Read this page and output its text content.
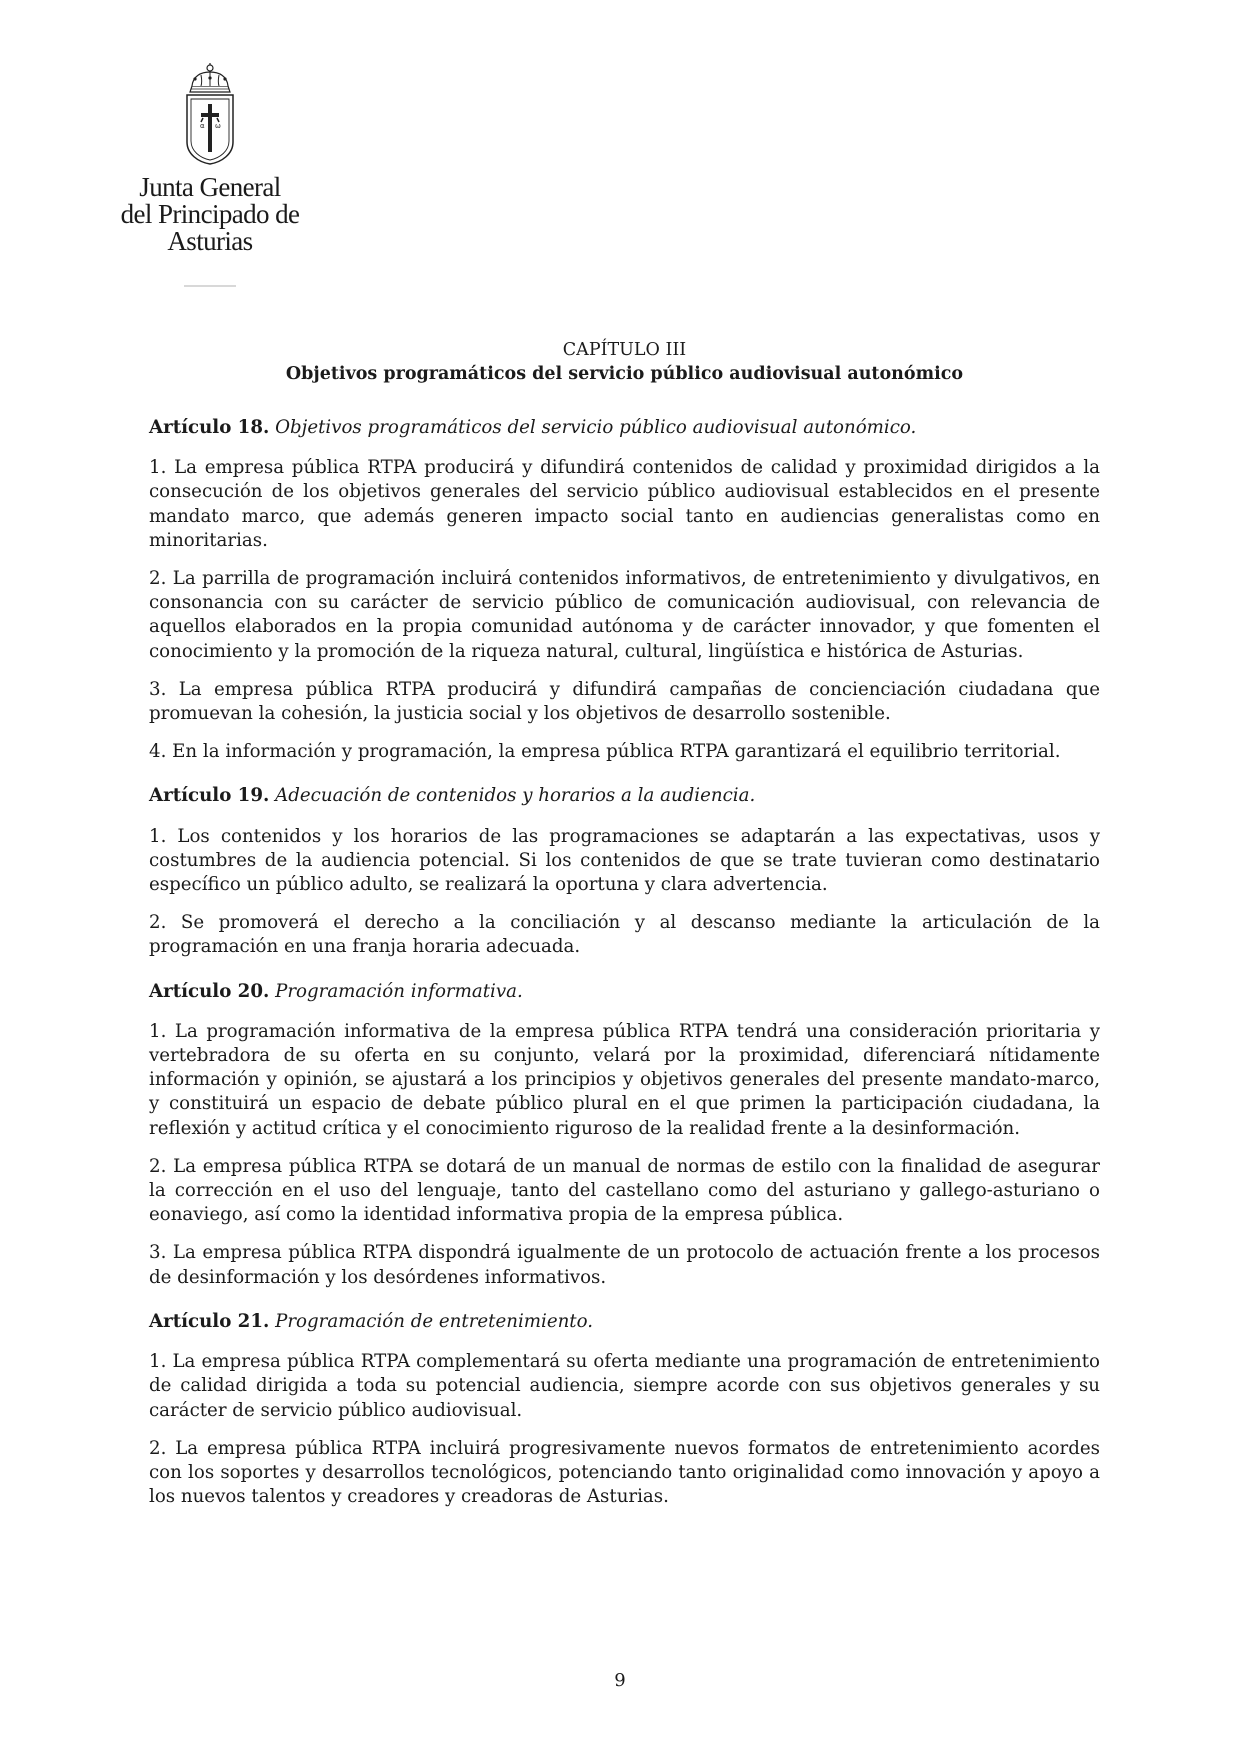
α ω
Junta General
del Principado de Asturias
CAPÍTULO III
Objetivos programáticos del servicio público audiovisual autonómico
Artículo 18. Objetivos programáticos del servicio público audiovisual autonómico.

1. La empresa pública RTPA producirá y difundirá contenidos de calidad y proximidad dirigidos a la consecución de los objetivos generales del servicio público audiovisual establecidos en el presente mandato marco, que además generen impacto social tanto en audiencias generalistas como en minoritarias.

2. La parrilla de programación incluirá contenidos informativos, de entretenimiento y divulgativos, en consonancia con su carácter de servicio público de comunicación audiovisual, con relevancia de aquellos elaborados en la propia comunidad autónoma y de carácter innovador, y que fomenten el conocimiento y la promoción de la riqueza natural, cultural, lingüística e histórica de Asturias.

3. La empresa pública RTPA producirá y difundirá campañas de concienciación ciudadana que promuevan la cohesión, la justicia social y los objetivos de desarrollo sostenible.

4. En la información y programación, la empresa pública RTPA garantizará el equilibrio territorial.

Artículo 19. Adecuación de contenidos y horarios a la audiencia.

1. Los contenidos y los horarios de las programaciones se adaptarán a las expectativas, usos y costumbres de la audiencia potencial. Si los contenidos de que se trate tuvieran como destinatario específico un público adulto, se realizará la oportuna y clara advertencia.

2. Se promoverá el derecho a la conciliación y al descanso mediante la articulación de la programación en una franja horaria adecuada.

Artículo 20. Programación informativa.

1. La programación informativa de la empresa pública RTPA tendrá una consideración prioritaria y vertebradora de su oferta en su conjunto, velará por la proximidad, diferenciará nítidamente información y opinión, se ajustará a los principios y objetivos generales del presente mandato-marco, y constituirá un espacio de debate público plural en el que primen la participación ciudadana, la reflexión y actitud crítica y el conocimiento riguroso de la realidad frente a la desinformación.

2. La empresa pública RTPA se dotará de un manual de normas de estilo con la finalidad de asegurar la corrección en el uso del lenguaje, tanto del castellano como del asturiano y gallego-asturiano o eonaviego, así como la identidad informativa propia de la empresa pública.

3. La empresa pública RTPA dispondrá igualmente de un protocolo de actuación frente a los procesos de desinformación y los desórdenes informativos.

Artículo 21. Programación de entretenimiento.

1. La empresa pública RTPA complementará su oferta mediante una programación de entretenimiento de calidad dirigida a toda su potencial audiencia, siempre acorde con sus objetivos generales y su carácter de servicio público audiovisual.

2. La empresa pública RTPA incluirá progresivamente nuevos formatos de entretenimiento acordes con los soportes y desarrollos tecnológicos, potenciando tanto originalidad como innovación y apoyo a los nuevos talentos y creadores y creadoras de Asturias.

9
